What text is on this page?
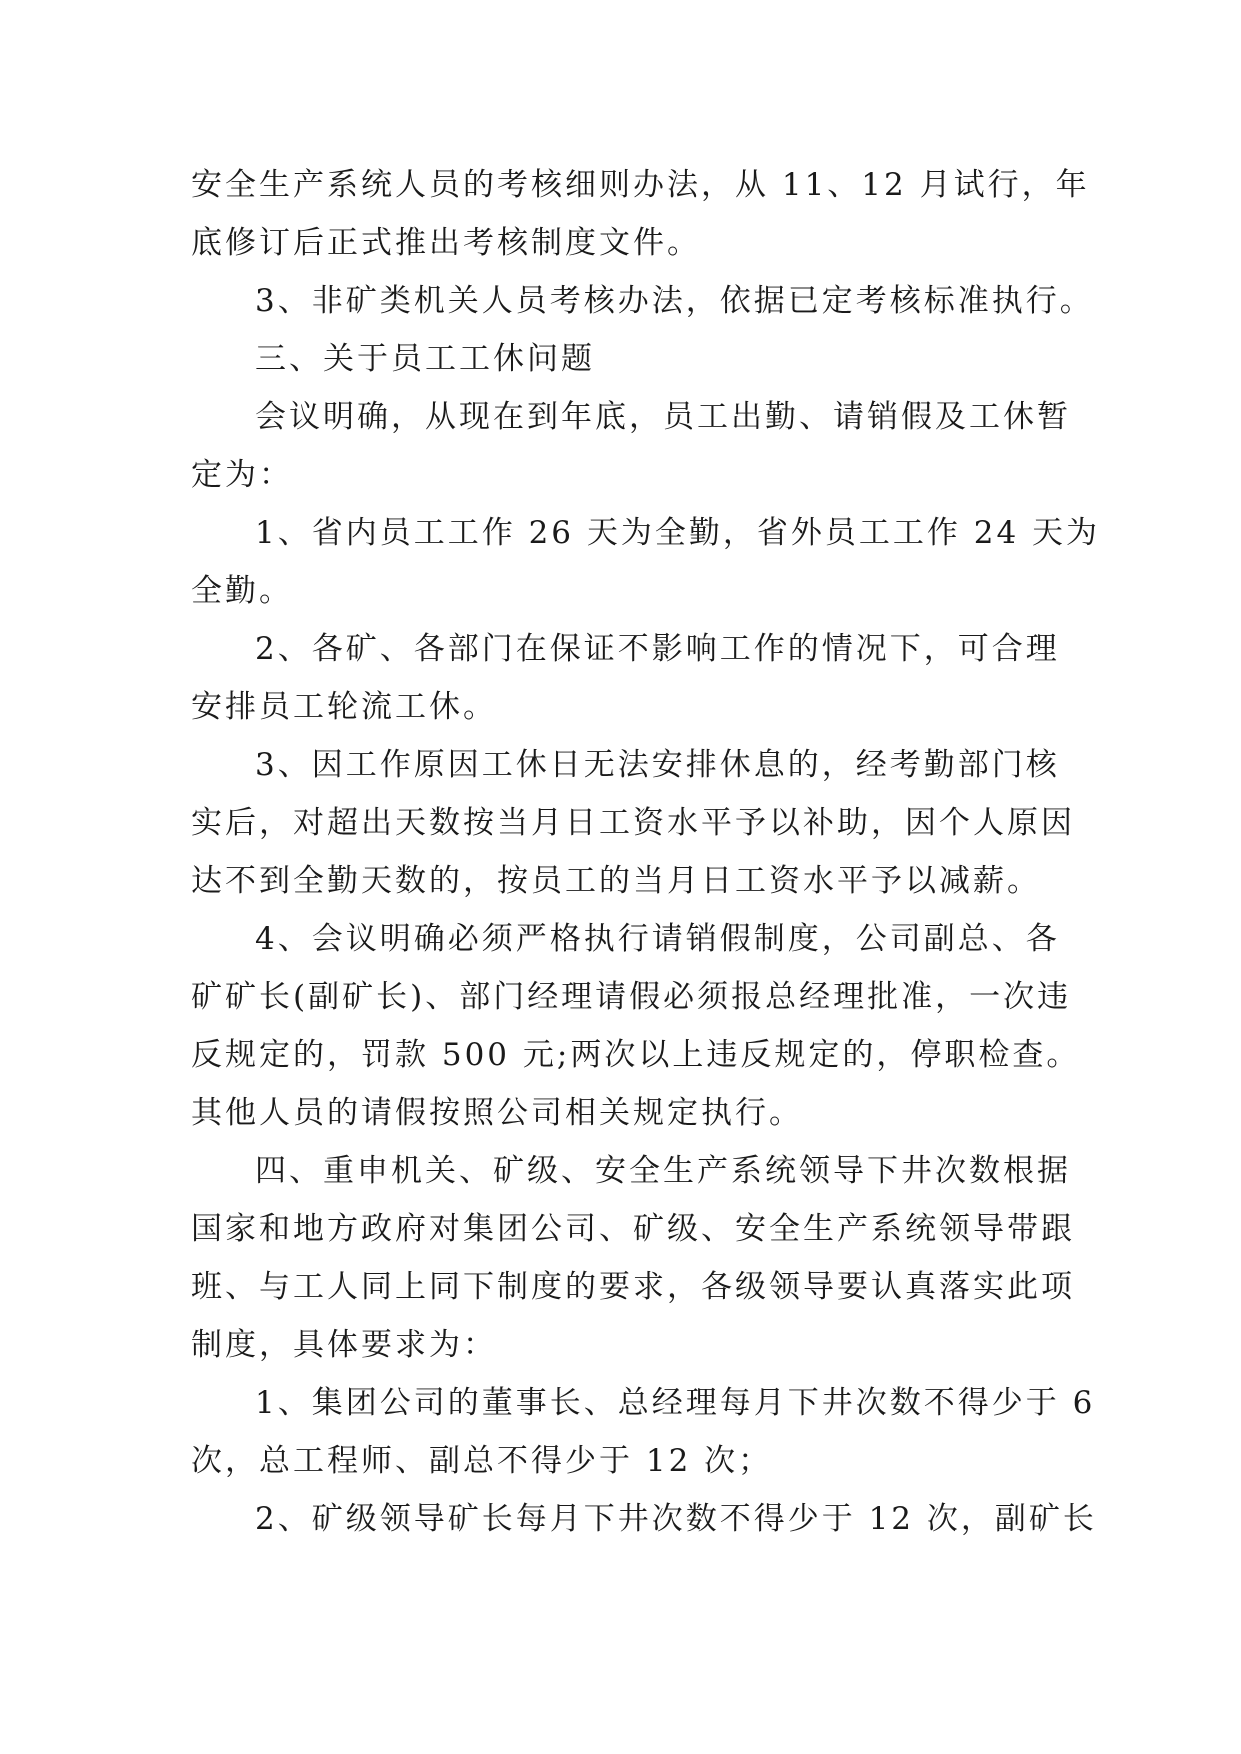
安全生产系统人员的考核细则办法，从 11、12 月试行，年
底修订后正式推出考核制度文件。
3、非矿类机关人员考核办法，依据已定考核标准执行。
三、关于员工工休问题
会议明确，从现在到年底，员工出勤、请销假及工休暂
定为：
1、省内员工工作 26 天为全勤，省外员工工作 24 天为
全勤。
2、各矿、各部门在保证不影响工作的情况下，可合理
安排员工轮流工休。
3、因工作原因工休日无法安排休息的，经考勤部门核
实后，对超出天数按当月日工资水平予以补助，因个人原因
达不到全勤天数的，按员工的当月日工资水平予以减薪。
4、会议明确必须严格执行请销假制度，公司副总、各
矿矿长(副矿长)、部门经理请假必须报总经理批准，一次违
反规定的，罚款 500 元;两次以上违反规定的，停职检查。
其他人员的请假按照公司相关规定执行。
四、重申机关、矿级、安全生产系统领导下井次数根据
国家和地方政府对集团公司、矿级、安全生产系统领导带跟
班、与工人同上同下制度的要求，各级领导要认真落实此项
制度，具体要求为：
1、集团公司的董事长、总经理每月下井次数不得少于 6
次，总工程师、副总不得少于 12 次；
2、矿级领导矿长每月下井次数不得少于 12 次，副矿长
